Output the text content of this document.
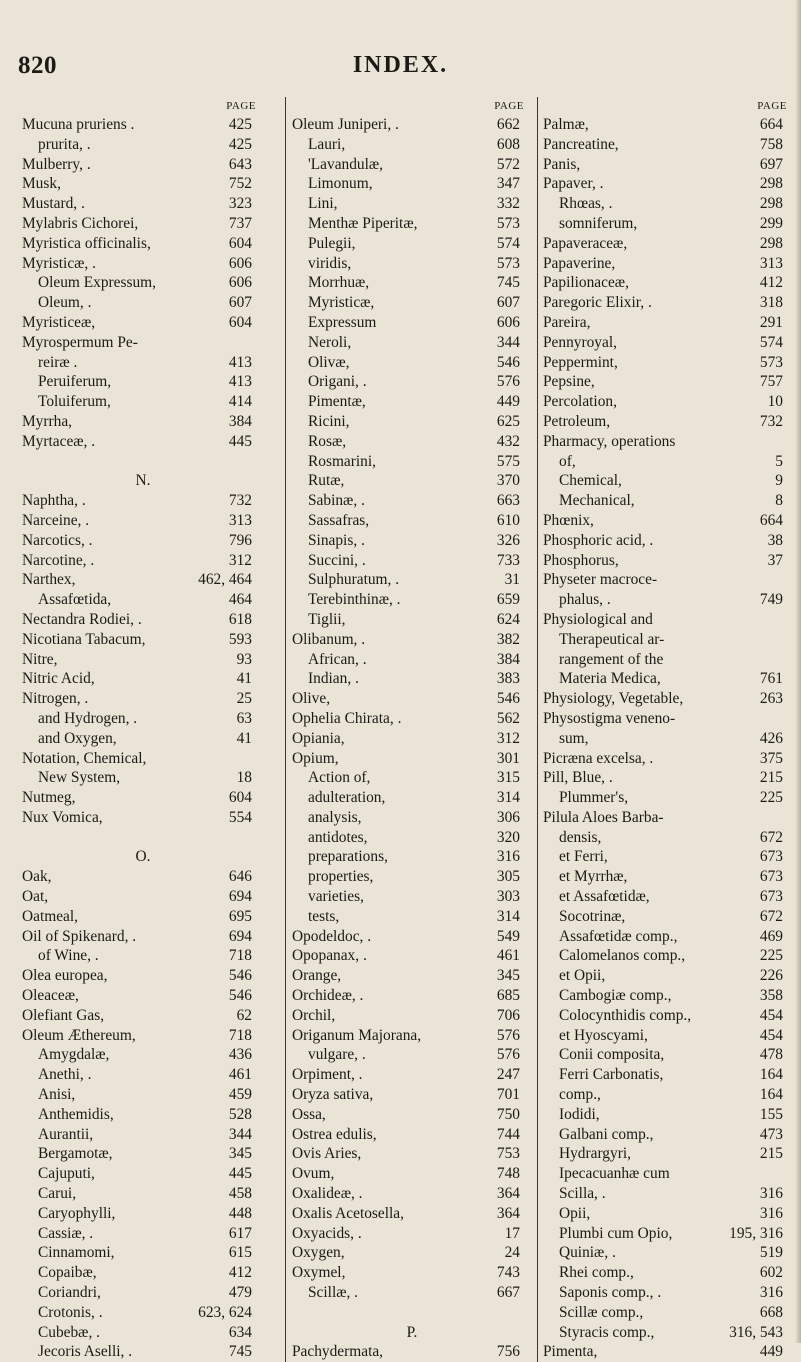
820	INDEX.
PAGE
Mucuna pruriens .	425
prurita, .	425
Mulberry, .	643
Musk,	752
Mustard, .	323
Mylabris Cichorei,	737
Myristica officinalis,	604
Myristicæ, .	606
Oleum Expressum,	606
Oleum, .	607
Myristiceæ,	604
Myrospermum Pe-
reiræ .	413
Peruiferum,	413
Toluiferum,	414
Myrrha,	384
Myrtaceæ, .	445
N.
Naphtha, .	732
Narceine, .	313
Narcotics, .	796
Narcotine, .	312
Narthex,	462, 464
Assafœtida,	464
Nectandra Rodiei, .	618
Nicotiana Tabacum,	593
Nitre,	93
Nitric Acid,	41
Nitrogen, .	25
and Hydrogen, .	63
and Oxygen,	41
Notation, Chemical,
New System,	18
Nutmeg,	604
Nux Vomica,	554
O.
Oak,	646
Oat,	694
Oatmeal,	695
Oil of Spikenard, .	694
of Wine, .	718
Olea europea,	546
Oleaceæ,	546
Olefiant Gas,	62
Oleum Æthereum,	718
Amygdalæ,	436
Anethi, .	461
Anisi,	459
Anthemidis,	528
Aurantii,	344
Bergamotæ,	345
Cajuputi,	445
Carui,	458
Caryophylli,	448
Cassiæ, .	617
Cinnamomi,	615
Copaibæ,	412
Coriandri,	479
Crotonis, .	623, 624
Cubebæ, .	634
Jecoris Aselli, .	745
PAGE
Oleum Juniperi, .	662
Lauri,	608
'Lavandulæ,	572
Limonum,	347
Lini,	332
Menthæ Piperitæ,	573
Pulegii,	574
viridis,	573
Morrhuæ,	745
Myristicæ,	607
Expressum	606
Neroli,	344
Olivæ,	546
Origani, .	576
Pimentæ,	449
Ricini,	625
Rosæ,	432
Rosmarini,	575
Rutæ,	370
Sabinæ, .	663
Sassafras,	610
Sinapis, .	326
Succini, .	733
Sulphuratum, .	31
Terebinthinæ, .	659
Tiglii,	624
Olibanum, .	382
African, .	384
Indian, .	383
Olive,	546
Ophelia Chirata, .	562
Opiania,	312
Opium,	301
Action of,	315
adulteration,	314
analysis,	306
antidotes,	320
preparations,	316
properties,	305
varieties,	303
tests,	314
Opodeldoc, .	549
Opopanax, .	461
Orange,	345
Orchideæ, .	685
Orchil,	706
Origanum Majorana,	576
vulgare, .	576
Orpiment, .	247
Oryza sativa,	701
Ossa,	750
Ostrea edulis,	744
Ovis Aries,	753
Ovum,	748
Oxalideæ, .	364
Oxalis Acetosella,	364
Oxyacids, .	17
Oxygen,	24
Oxymel,	743
Scillæ, .	667
P.
Pachydermata,	756
PAGE
Palmæ,	664
Pancreatine,	758
Panis,	697
Papaver, .	298
Rhœas, .	298
somniferum,	299
Papaveraceæ,	298
Papaverine,	313
Papilionaceæ,	412
Paregoric Elixir, .	318
Pareira,	291
Pennyroyal,	574
Peppermint,	573
Pepsine,	757
Percolation,	10
Petroleum,	732
Pharmacy, operations
of,	5
Chemical,	9
Mechanical,	8
Phœnix,	664
Phosphoric acid, .	38
Phosphorus,	37
Physeter macroce-
phalus, .	749
Physiological and
Therapeutical ar-
rangement of the
Materia Medica,	761
Physiology, Vegetable,	263
Physostigma veneno-
sum,	426
Picræna excelsa, .	375
Pill, Blue, .	215
Plummer's,	225
Pilula Aloes Barba-
densis,	672
et Ferri,	673
et Myrrhæ,	673
et Assafœtidæ,	673
Socotrinæ,	672
Assafœtidæ comp.,	469
Calomelanos comp.,	225
et Opii,	226
Cambogiæ comp.,	358
Colocynthidis comp.,	454
et Hyoscyami,	454
Conii composita,	478
Ferri Carbonatis,	164
comp.,	164
Iodidi,	155
Galbani comp.,	473
Hydrargyri,	215
Ipecacuanhæ cum
Scilla, .	316
Opii,	316
Plumbi cum Opio,	195, 316
Quiniæ, .	519
Rhei comp.,	602
Saponis comp., .	316
Scillæ comp.,	668
Styracis comp.,	316, 543
Pimenta,	449
